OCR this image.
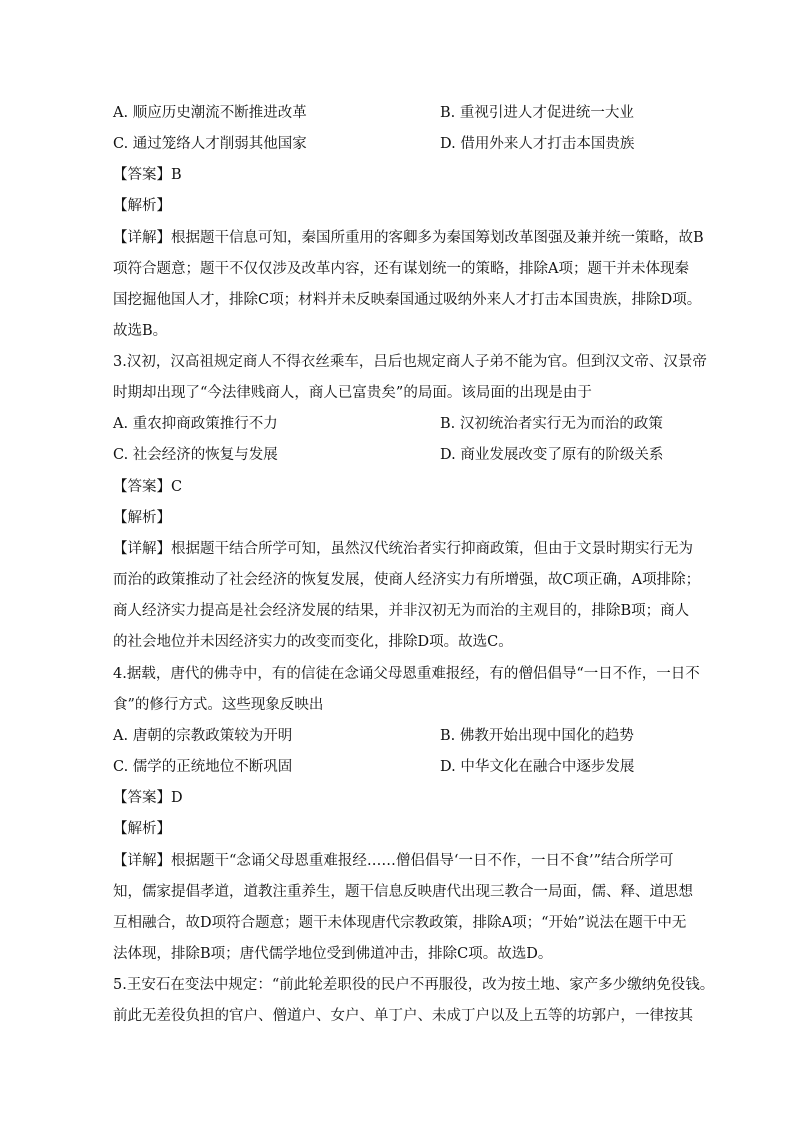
A. 顺应历史潮流不断推进改革	B. 重视引进人才促进统一大业
C. 通过笼络人才削弱其他国家	D. 借用外来人才打击本国贵族
【答案】B
【解析】
【详解】根据题干信息可知，秦国所重用的客卿多为秦国筹划改革图强及兼并统一策略，故B
项符合题意；题干不仅仅涉及改革内容，还有谋划统一的策略，排除A项；题干并未体现秦
国挖掘他国人才，排除C项；材料并未反映秦国通过吸纳外来人才打击本国贵族，排除D项。
故选B。
3.汉初，汉高祖规定商人不得衣丝乘车，吕后也规定商人子弟不能为官。但到汉文帝、汉景帝
时期却出现了“今法律贱商人，商人已富贵矣”的局面。该局面的出现是由于
A. 重农抑商政策推行不力	B. 汉初统治者实行无为而治的政策
C. 社会经济的恢复与发展	D. 商业发展改变了原有的阶级关系
【答案】C
【解析】
【详解】根据题干结合所学可知，虽然汉代统治者实行抑商政策，但由于文景时期实行无为
而治的政策推动了社会经济的恢复发展，使商人经济实力有所增强，故C项正确，A项排除；
商人经济实力提高是社会经济发展的结果，并非汉初无为而治的主观目的，排除B项；商人
的社会地位并未因经济实力的改变而变化，排除D项。故选C。
4.据载，唐代的佛寺中，有的信徒在念诵父母恩重难报经，有的僧侣倡导“一日不作，一日不
食”的修行方式。这些现象反映出
A. 唐朝的宗教政策较为开明	B. 佛教开始出现中国化的趋势
C. 儒学的正统地位不断巩固	D. 中华文化在融合中逐步发展
【答案】D
【解析】
【详解】根据题干“念诵父母恩重难报经……僧侣倡导‘一日不作，一日不食’”结合所学可
知，儒家提倡孝道，道教注重养生，题干信息反映唐代出现三教合一局面，儒、释、道思想
互相融合，故D项符合题意；题干未体现唐代宗教政策，排除A项；“开始”说法在题干中无
法体现，排除B项；唐代儒学地位受到佛道冲击，排除C项。故选D。
5.王安石在变法中规定：“前此轮差职役的民户不再服役，改为按土地、家产多少缴纳免役钱。
前此无差役负担的官户、僧道户、女户、单丁户、未成丁户以及上五等的坊郭户，一律按其
